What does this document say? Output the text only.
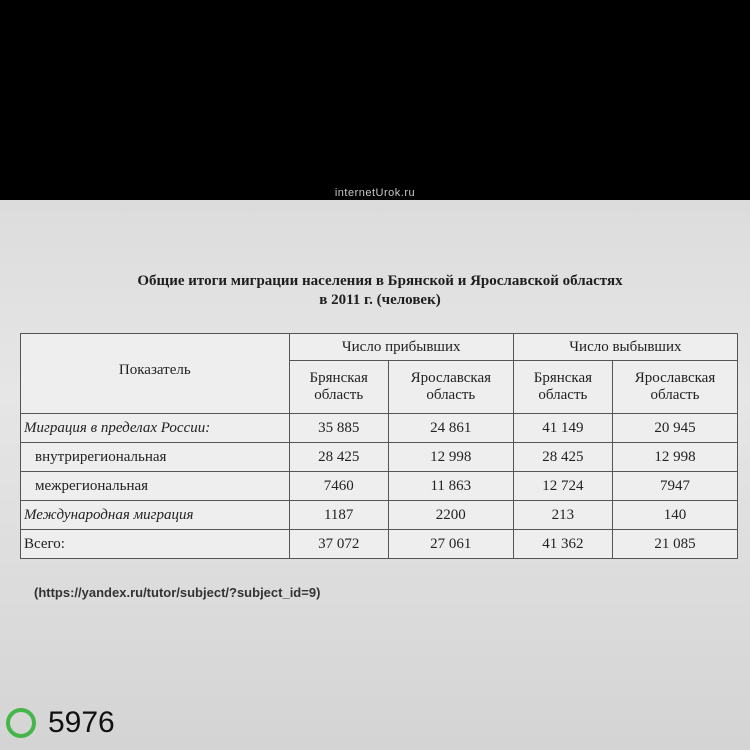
internetUrok.ru
Общие итоги миграции населения в Брянской и Ярославской областях
в 2011 г. (человек)
Показатель	Число прибывших		Число выбывших	
	Брянская область	Ярославская область	Брянская область	Ярославская область
Миграция в пределах России:	35 885	24 861	41 149	20 945
внутрирегиональная	28 425	12 998	28 425	12 998
межрегиональная	7460	11 863	12 724	7947
Международная миграция	1187	2200	213	140
Всего:	37 072	27 061	41 362	21 085
(https://yandex.ru/tutor/subject/?subject_id=9)
5976
